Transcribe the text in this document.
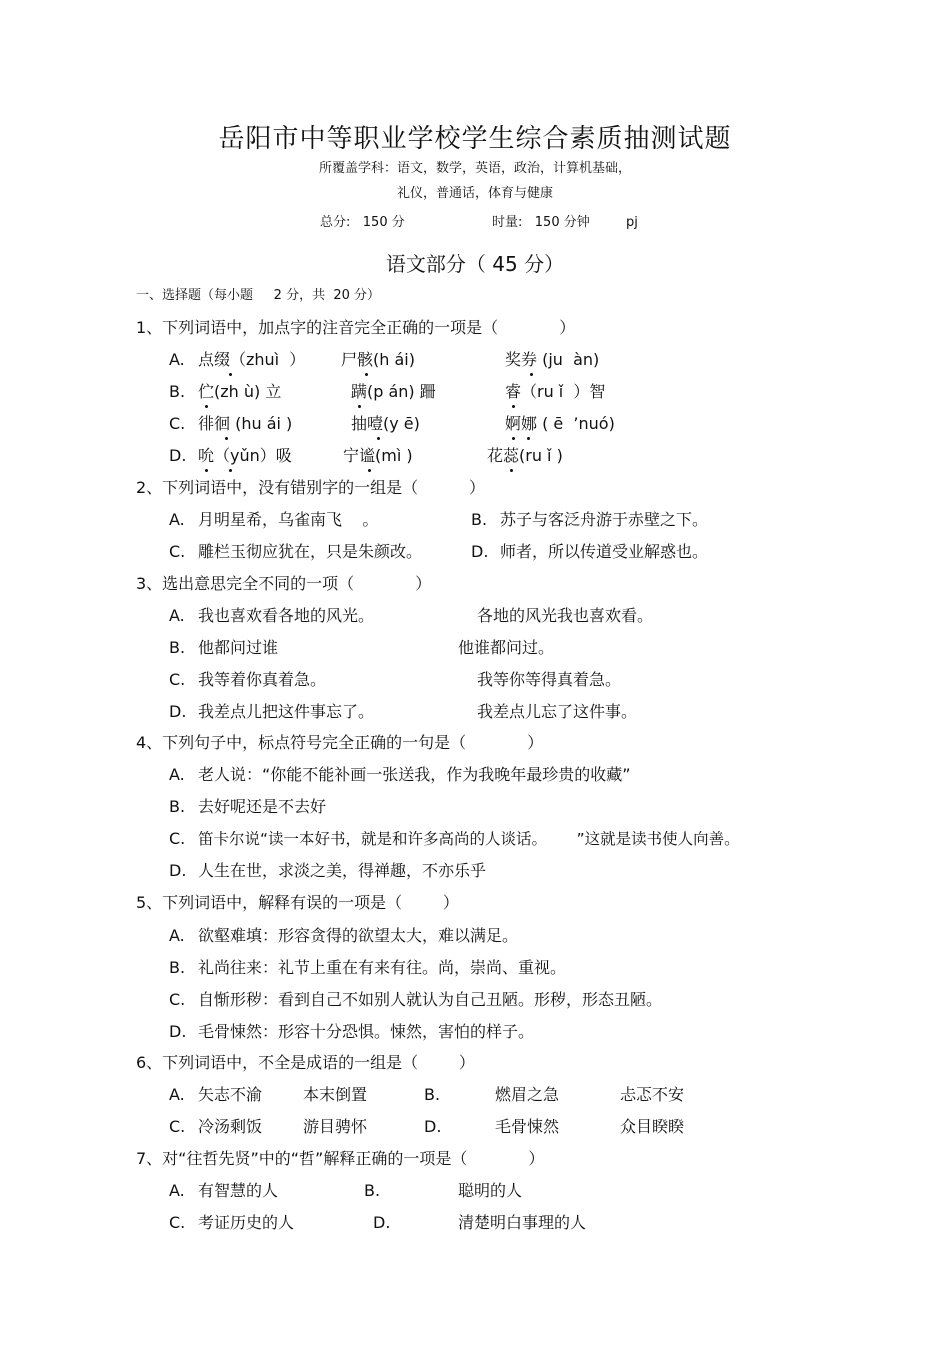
岳阳市中等职业学校学生综合素质抽测试题
所覆盖学科：语文，数学，英语，政治，计算机基础，
礼仪，普通话，体育与健康
总分:   150 分	时量:   150 分钟	pj
语文部分（ 45 分）
一、选择题（每小题     2 分，共  20 分）
1、下列词语中，加点字的注音完全正确的一项是（            ）
A. 点缀（zhuì  ） 尸骸(h ái)	奖券 (ju  àn)
B. 伫(zh ù) 立	蹒(p án) 跚	睿（ru ǐ  ）智
C. 徘徊 (hu ái )	抽噎(y ē)	婀娜 ( ē  ’nuó)
D. 吮（yǔn）吸	宁谧(mì )	花蕊(ru ǐ )
2、下列词语中，没有错别字的一组是（          ）
A. 月明星希，乌雀南飞    。	B. 苏子与客泛舟游于赤壁之下。
C. 雕栏玉彻应犹在，只是朱颜改。	D. 师者，所以传道受业解惑也。
3、选出意思完全不同的一项（            ）
A. 我也喜欢看各地的风光。	各地的风光我也喜欢看。
B. 他都问过谁	他谁都问过。
C. 我等着你真着急。	我等你等得真着急。
D. 我差点儿把这件事忘了。	我差点儿忘了这件事。
4、下列句子中，标点符号完全正确的一句是（            ）
A. 老人说：“你能不能补画一张送我，作为我晚年最珍贵的收藏”
B. 去好呢还是不去好
C. 笛卡尔说“读一本好书，就是和许多高尚的人谈话。      ”这就是读书使人向善。
D. 人生在世，求淡之美，得禅趣，不亦乐乎
5、下列词语中，解释有误的一项是（        ）
A. 欲壑难填：形容贪得的欲望太大，难以满足。
B. 礼尚往来：礼节上重在有来有往。尚，崇尚、重视。
C. 自惭形秽：看到自己不如别人就认为自己丑陋。形秽，形态丑陋。
D. 毛骨悚然：形容十分恐惧。悚然，害怕的样子。
6、下列词语中，不全是成语的一组是（        ）
A. 矢志不渝	本末倒置	B.	燃眉之急	忐忑不安
C. 冷汤剩饭	游目骋怀	D.	毛骨悚然	众目睽睽
7、对“往哲先贤”中的“哲”解释正确的一项是（            ）
A. 有智慧的人	B.	聪明的人
C. 考证历史的人	D.	清楚明白事理的人
